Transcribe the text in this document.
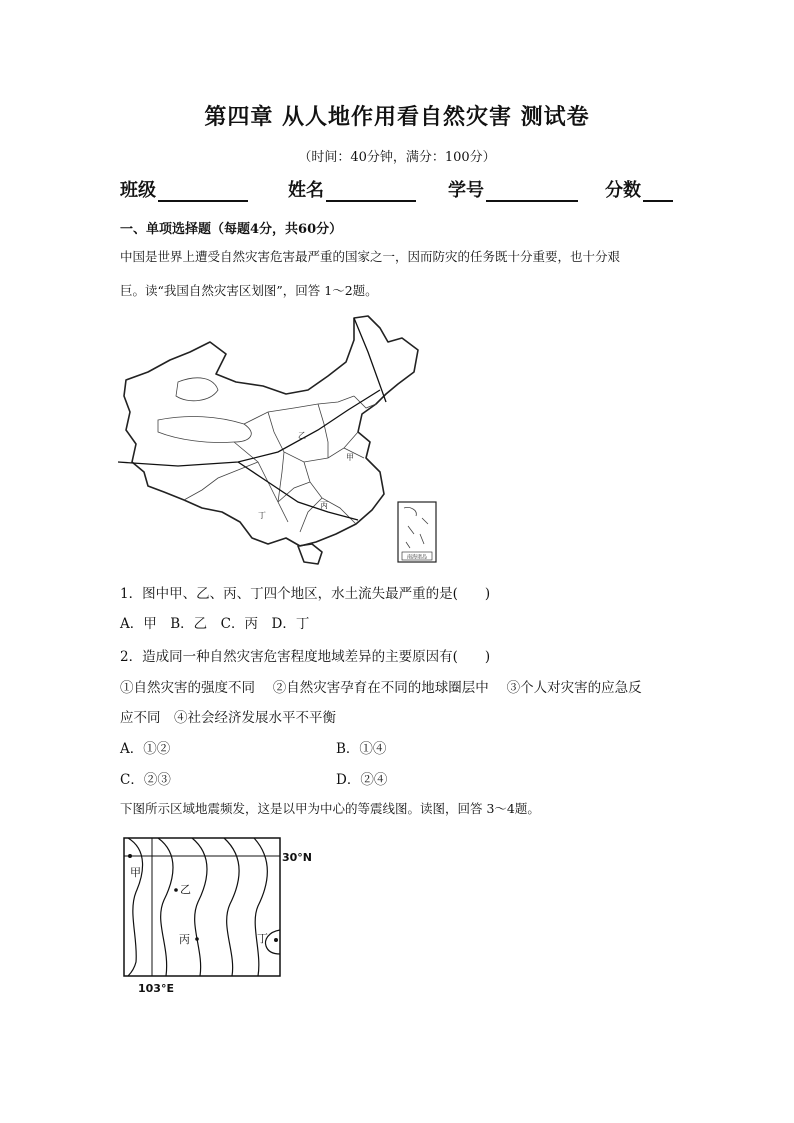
第四章 从人地作用看自然灾害 测试卷
（时间：40分钟，满分：100分）
班级	姓名	学号	分数
一、单项选择题（每题4分，共60分）
中国是世界上遭受自然灾害危害最严重的国家之一，因而防灾的任务既十分重要，也十分艰
巨。读“我国自然灾害区划图”，回答 1～2题。
甲
乙
丙
丁
南海诸岛
1．图中甲、乙、丙、丁四个地区，水土流失最严重的是(　　)
A．甲　B．乙　C．丙　D．丁
2．造成同一种自然灾害危害程度地域差异的主要原因有(　　)
①自然灾害的强度不同　 ②自然灾害孕育在不同的地球圈层中　 ③个人对灾害的应急反
应不同　④社会经济发展水平不平衡
A．①②	B．①④
C．②③	D．②④
下图所示区域地震频发，这是以甲为中心的等震线图。读图，回答 3～4题。
甲
乙
丙	丁
30°N
103°E
